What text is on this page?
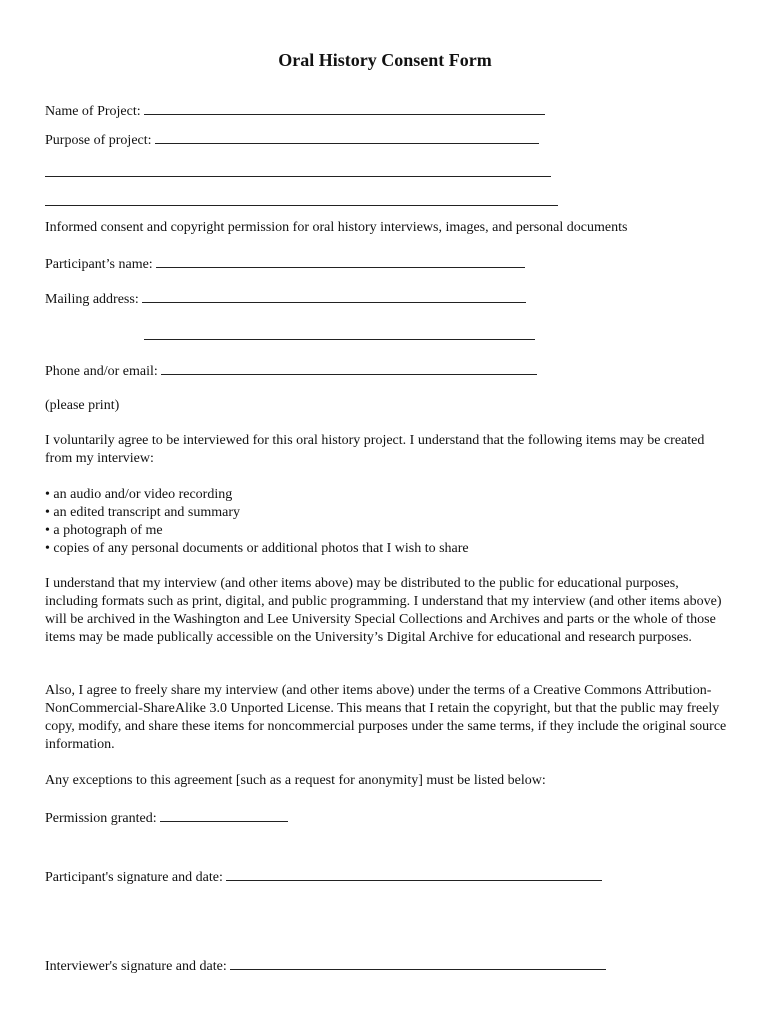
Oral History Consent Form
Name of Project:
Purpose of project:
Informed consent and copyright permission for oral history interviews, images, and personal documents
Participant’s name:
Mailing address:
Phone and/or email:
(please print)
I voluntarily agree to be interviewed for this oral history project. I understand that the following items may be created from my interview:
• an audio and/or video recording
• an edited transcript and summary
• a photograph of me
• copies of any personal documents or additional photos that I wish to share
I understand that my interview (and other items above) may be distributed to the public for educational purposes, including formats such as print, digital, and public programming. I understand that my interview (and other items above) will be archived in the Washington and Lee University Special Collections and Archives and parts or the whole of those items may be made publically accessible on the University’s Digital Archive for educational and research purposes.
Also, I agree to freely share my interview (and other items above) under the terms of a Creative Commons Attribution-NonCommercial-ShareAlike 3.0 Unported License. This means that I retain the copyright, but that the public may freely copy, modify, and share these items for noncommercial purposes under the same terms, if they include the original source information.
Any exceptions to this agreement [such as a request for anonymity] must be listed below:
Permission granted:
Participant's signature and date:
Interviewer's signature and date:
